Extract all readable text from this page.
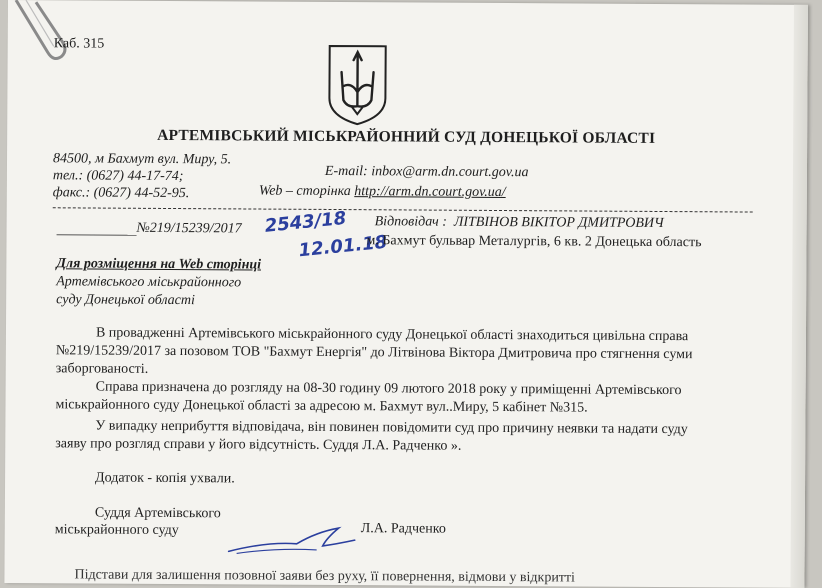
Каб. 315
АРТЕМІВСЬКИЙ МІСЬКРАЙОННИЙ СУД ДОНЕЦЬКОЇ ОБЛАСТІ
84500, м Бахмут вул. Миру, 5.
тел.: (0627) 44-17-74;
факс.: (0627) 44-52-95.
E-mail: inbox@arm.dn.court.gov.ua
Web – сторінка http://arm.dn.court.gov.ua/
№219/15239/2017 2543/18
12.01.18
Відповідач : ЛІТВІНОВ ВІКІТОР ДМИТРОВИЧ
м. Бахмут бульвар Металургів, 6 кв. 2 Донецька область
Для розміщення на Web сторінці
Артемівського міськрайонного
суду Донецької області
В провадженні Артемівського міськрайонного суду Донецької області знаходиться цивільна справа
№219/15239/2017 за позовом ТОВ "Бахмут Енергія" до Літвінова Віктора Дмитровича про стягнення суми
заборгованості.
Справа призначена до розгляду на 08-30 годину 09 лютого 2018 року у приміщенні Артемівського
міськрайонного суду Донецької області за адресою м. Бахмут вул..Миру, 5 кабінет №315.
У випадку неприбуття відповідача, він повинен повідомити суд про причину неявки та надати суду
заяву про розгляд справи у його відсутність. Суддя Л.А. Радченко ».
Додаток - копія ухвали.
Суддя Артемівського
міськрайонного суду	Л.А. Радченко
Підстави для залишення позовної заяви без руху, її повернення, відмови у відкритті
